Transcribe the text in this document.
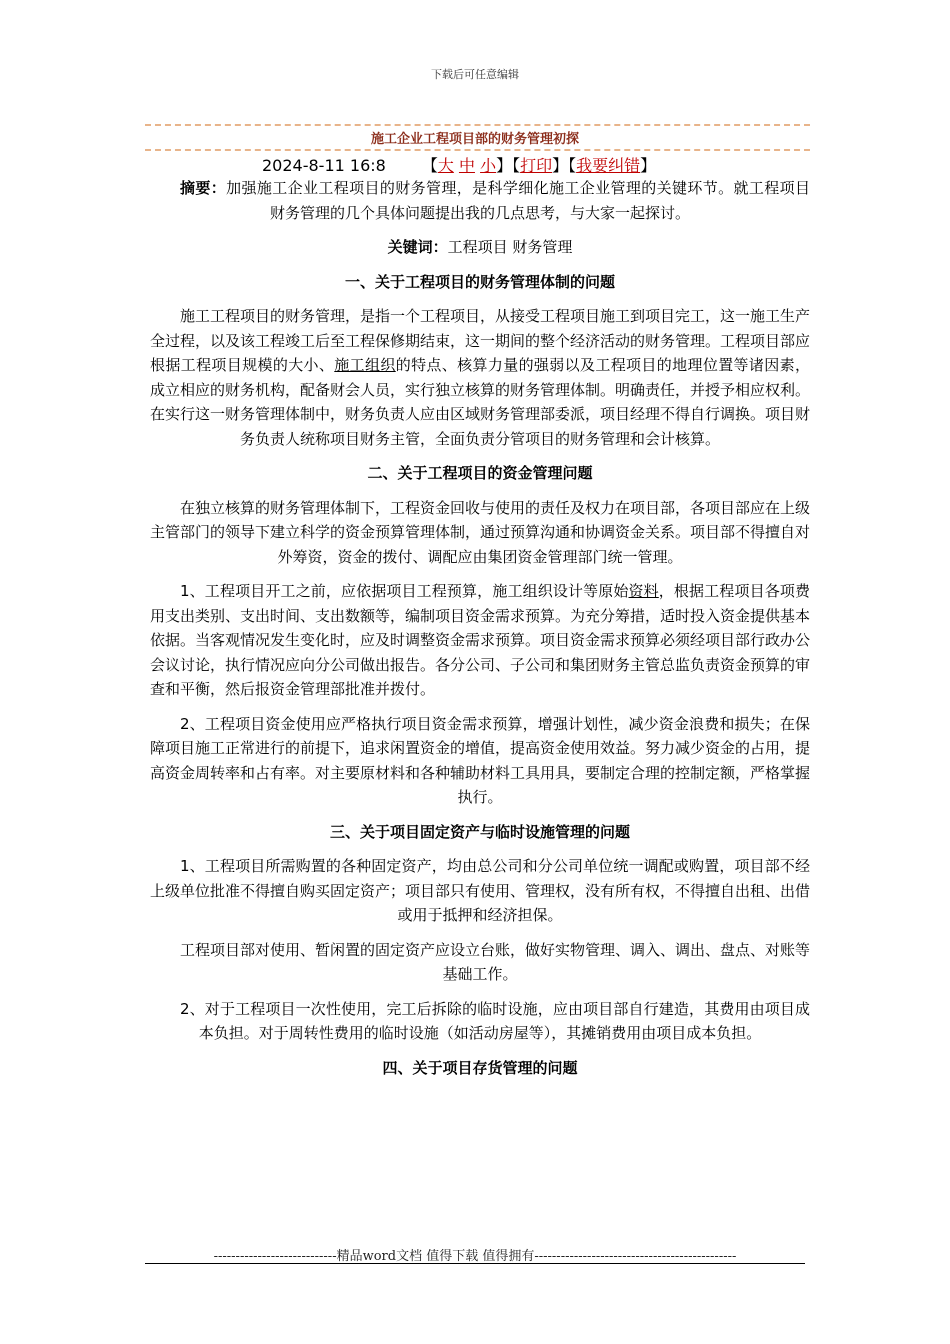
下载后可任意编辑
施工企业工程项目部的财务管理初探
2024-8-11 16:8 【大 中 小】【打印】【我要纠错】

摘要：加强施工企业工程项目的财务管理，是科学细化施工企业管理的关键环节。就工程项目财务管理的几个具体问题提出我的几点思考，与大家一起探讨。

关键词：工程项目 财务管理

一、关于工程项目的财务管理体制的问题

施工工程项目的财务管理，是指一个工程项目，从接受工程项目施工到项目完工，这一施工生产全过程，以及该工程竣工后至工程保修期结束，这一期间的整个经济活动的财务管理。工程项目部应根据工程项目规模的大小、施工组织的特点、核算力量的强弱以及工程项目的地理位置等诸因素，成立相应的财务机构，配备财会人员，实行独立核算的财务管理体制。明确责任，并授予相应权利。在实行这一财务管理体制中，财务负责人应由区域财务管理部委派，项目经理不得自行调换。项目财务负责人统称项目财务主管，全面负责分管项目的财务管理和会计核算。

二、关于工程项目的资金管理问题

在独立核算的财务管理体制下，工程资金回收与使用的责任及权力在项目部，各项目部应在上级主管部门的领导下建立科学的资金预算管理体制，通过预算沟通和协调资金关系。项目部不得擅自对外筹资，资金的拨付、调配应由集团资金管理部门统一管理。

1、工程项目开工之前，应依据项目工程预算，施工组织设计等原始资料，根据工程项目各项费用支出类别、支出时间、支出数额等，编制项目资金需求预算。为充分筹措，适时投入资金提供基本依据。当客观情况发生变化时，应及时调整资金需求预算。项目资金需求预算必须经项目部行政办公会议讨论，执行情况应向分公司做出报告。各分公司、子公司和集团财务主管总监负责资金预算的审查和平衡，然后报资金管理部批准并拨付。

2、工程项目资金使用应严格执行项目资金需求预算，增强计划性，减少资金浪费和损失；在保障项目施工正常进行的前提下，追求闲置资金的增值，提高资金使用效益。努力减少资金的占用，提高资金周转率和占有率。对主要原材料和各种辅助材料工具用具，要制定合理的控制定额，严格掌握执行。

三、关于项目固定资产与临时设施管理的问题

1、工程项目所需购置的各种固定资产，均由总公司和分公司单位统一调配或购置，项目部不经上级单位批准不得擅自购买固定资产；项目部只有使用、管理权，没有所有权，不得擅自出租、出借或用于抵押和经济担保。

工程项目部对使用、暂闲置的固定资产应设立台账，做好实物管理、调入、调出、盘点、对账等基础工作。

2、对于工程项目一次性使用，完工后拆除的临时设施，应由项目部自行建造，其费用由项目成本负担。对于周转性费用的临时设施（如活动房屋等），其摊销费用由项目成本负担。

四、关于项目存货管理的问题
----------------------------精品word文档 值得下载 值得拥有----------------------------------------------
